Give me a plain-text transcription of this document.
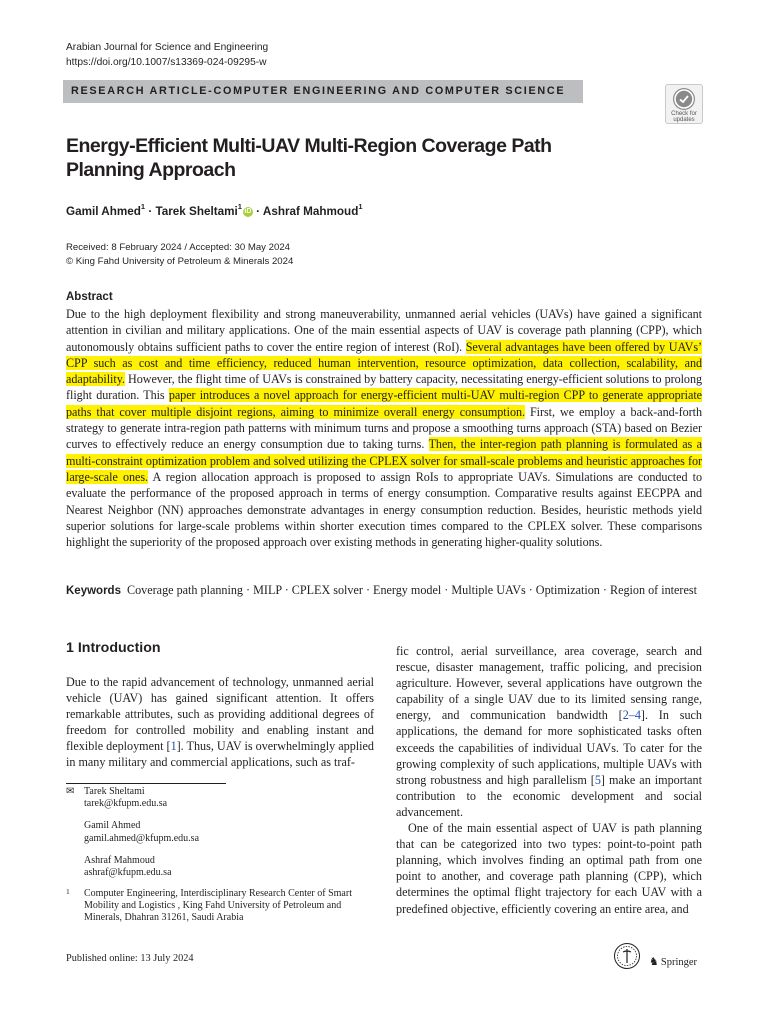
Arabian Journal for Science and Engineering
https://doi.org/10.1007/s13369-024-09295-w
RESEARCH ARTICLE-COMPUTER ENGINEERING AND COMPUTER SCIENCE
Check for
updates
Energy-Efficient Multi-UAV Multi-Region Coverage Path Planning Approach
Gamil Ahmed$^1$ · Tarek Sheltami$^1$iD · Ashraf Mahmoud$^1$
Received: 8 February 2024 / Accepted: 30 May 2024
© King Fahd University of Petroleum & Minerals 2024
Abstract
Due to the high deployment flexibility and strong maneuverability, unmanned aerial vehicles (UAVs) have gained a significant attention in civilian and military applications. One of the main essential aspects of UAV is coverage path planning (CPP), which autonomously obtains sufficient paths to cover the entire region of interest (RoI). Several advantages have been offered by UAVs’ CPP such as cost and time efficiency, reduced human intervention, resource optimization, data collection, scalability, and adaptability. However, the flight time of UAVs is constrained by battery capacity, necessitating energy-efficient solutions to prolong flight duration. This paper introduces a novel approach for energy-efficient multi-UAV multi-region CPP to generate appropriate paths that cover multiple disjoint regions, aiming to minimize overall energy consumption. First, we employ a back-and-forth strategy to generate intra-region path patterns with minimum turns and propose a smoothing turns approach (STA) based on Bezier curves to effectively reduce an energy consumption due to taking turns. Then, the inter-region path planning is formulated as a multi-constraint optimization problem and solved utilizing the CPLEX solver for small-scale problems and heuristic approaches for large-scale ones. A region allocation approach is proposed to assign RoIs to appropriate UAVs. Simulations are conducted to evaluate the performance of the proposed approach in terms of energy consumption. Comparative results against EECPPA and Nearest Neighbor (NN) approaches demonstrate advantages in energy consumption reduction. Besides, heuristic methods yield superior solutions for large-scale problems within shorter execution times compared to the CPLEX solver. These comparisons highlight the superiority of the proposed approach over existing methods in generating higher-quality solutions.
Keywords Coverage path planning · MILP · CPLEX solver · Energy model · Multiple UAVs · Optimization · Region of interest
1 Introduction
Due to the rapid advancement of technology, unmanned aerial vehicle (UAV) has gained significant attention. It offers remarkable attributes, such as providing additional degrees of freedom for controlled mobility and enabling instant and flexible deployment [1]. Thus, UAV is overwhelmingly applied in many military and commercial applications, such as traf-

fic control, aerial surveillance, area coverage, search and rescue, disaster management, traffic policing, and precision agriculture. However, several applications have outgrown the capability of a single UAV due to its limited sensing range, energy, and communication bandwidth [2–4]. In such applications, the demand for more sophisticated tasks often exceeds the capabilities of individual UAVs. To cater for the growing complexity of such applications, multiple UAVs with strong robustness and high parallelism [5] make an important contribution to the economic development and social advancement.

One of the main essential aspect of UAV is path planning that can be categorized into two types: point-to-point path planning, which involves finding an optimal path from one point to another, and coverage path planning (CPP), which determines the optimal flight trajectory for each UAV with a predefined objective, efficiently covering an entire area, and

✉ Tarek Sheltami
tarek@kfupm.edu.sa
Gamil Ahmed
gamil.ahmed@kfupm.edu.sa
Ashraf Mahmoud
ashraf@kfupm.edu.sa
1 Computer Engineering, Interdisciplinary Research Center of Smart Mobility and Logistics , King Fahd University of Petroleum and Minerals, Dhahran 31261, Saudi Arabia
Published online: 13 July 2024	♞ Springer
